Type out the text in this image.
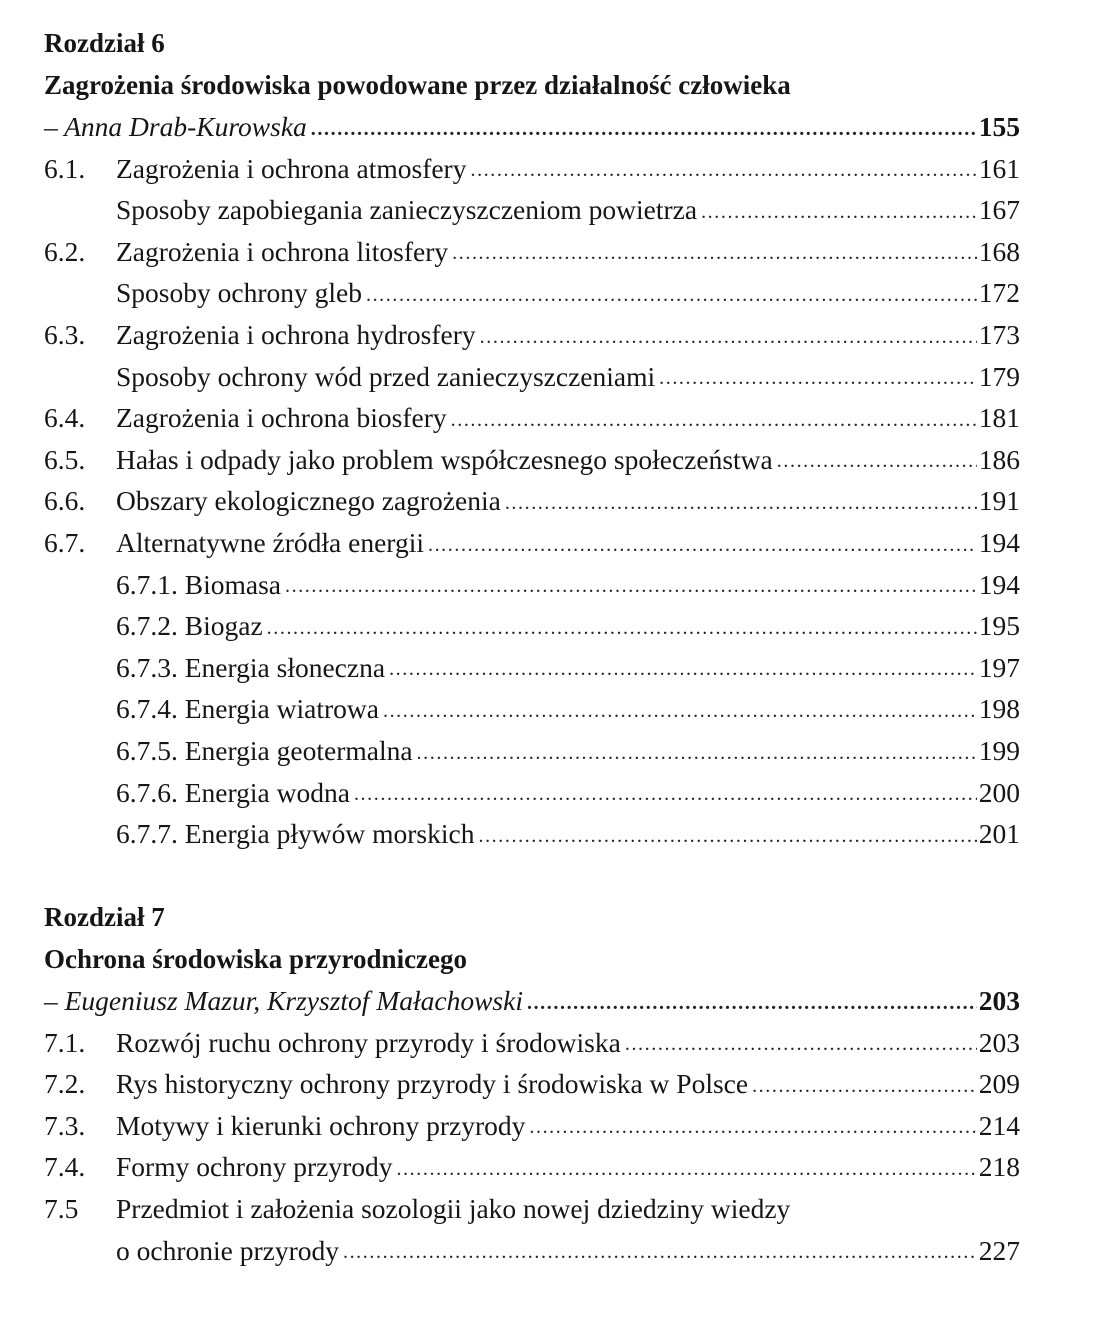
Rozdział 6
Zagrożenia środowiska powodowane przez działalność człowieka
– Anna Drab-Kurowska .....	155
6.1.	Zagrożenia i ochrona atmosfery .....	161
Sposoby zapobiegania zanieczyszczeniom powietrza .....	167
6.2.	Zagrożenia i ochrona litosfery .....	168
Sposoby ochrony gleb .....	172
6.3.	Zagrożenia i ochrona hydrosfery .....	173
Sposoby ochrony wód przed zanieczyszczeniami .....	179
6.4.	Zagrożenia i ochrona biosfery .....	181
6.5.	Hałas i odpady jako problem współczesnego społeczeństwa .....	186
6.6.	Obszary ekologicznego zagrożenia .....	191
6.7.	Alternatywne źródła energii .....	194
6.7.1. Biomasa .....	194
6.7.2. Biogaz .....	195
6.7.3. Energia słoneczna .....	197
6.7.4. Energia wiatrowa .....	198
6.7.5. Energia geotermalna .....	199
6.7.6. Energia wodna .....	200
6.7.7. Energia pływów morskich .....	201
Rozdział 7
Ochrona środowiska przyrodniczego
– Eugeniusz Mazur, Krzysztof Małachowski .....	203
7.1.	Rozwój ruchu ochrony przyrody i środowiska .....	203
7.2.	Rys historyczny ochrony przyrody i środowiska w Polsce .....	209
7.3.	Motywy i kierunki ochrony przyrody .....	214
7.4.	Formy ochrony przyrody .....	218
7.5	Przedmiot i założenia sozologii jako nowej dziedziny wiedzy
o ochronie przyrody .....	227
